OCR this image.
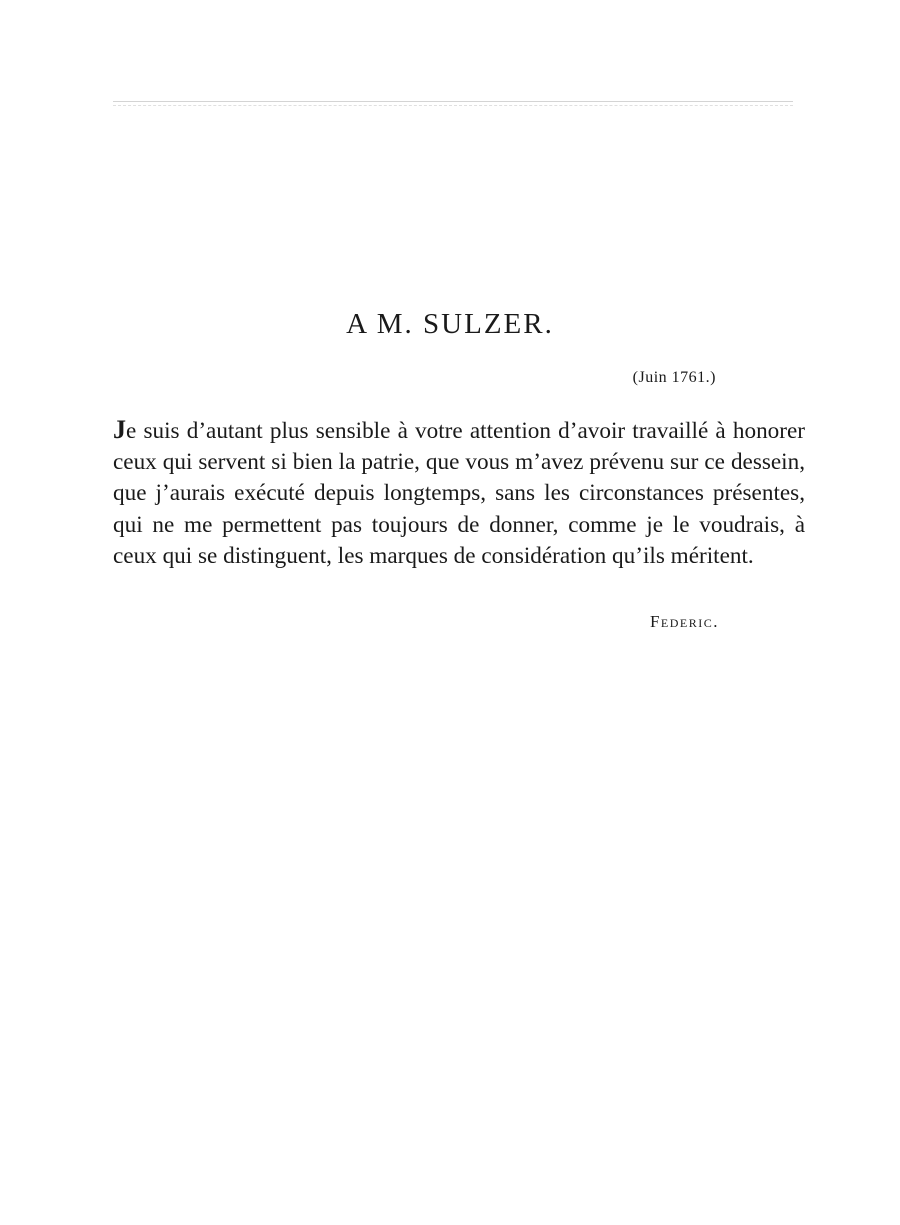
A M. SULZER.
(Juin 1761.)

Je suis d’autant plus sensible à votre attention d’avoir travaillé à honorer ceux qui servent si bien la patrie, que vous m’avez prévenu sur ce dessein, que j’aurais exécuté depuis longtemps, sans les circonstances présentes, qui ne me permettent pas toujours de donner, comme je le voudrais, à ceux qui se distinguent, les marques de considération qu’ils méritent.

Federic.
